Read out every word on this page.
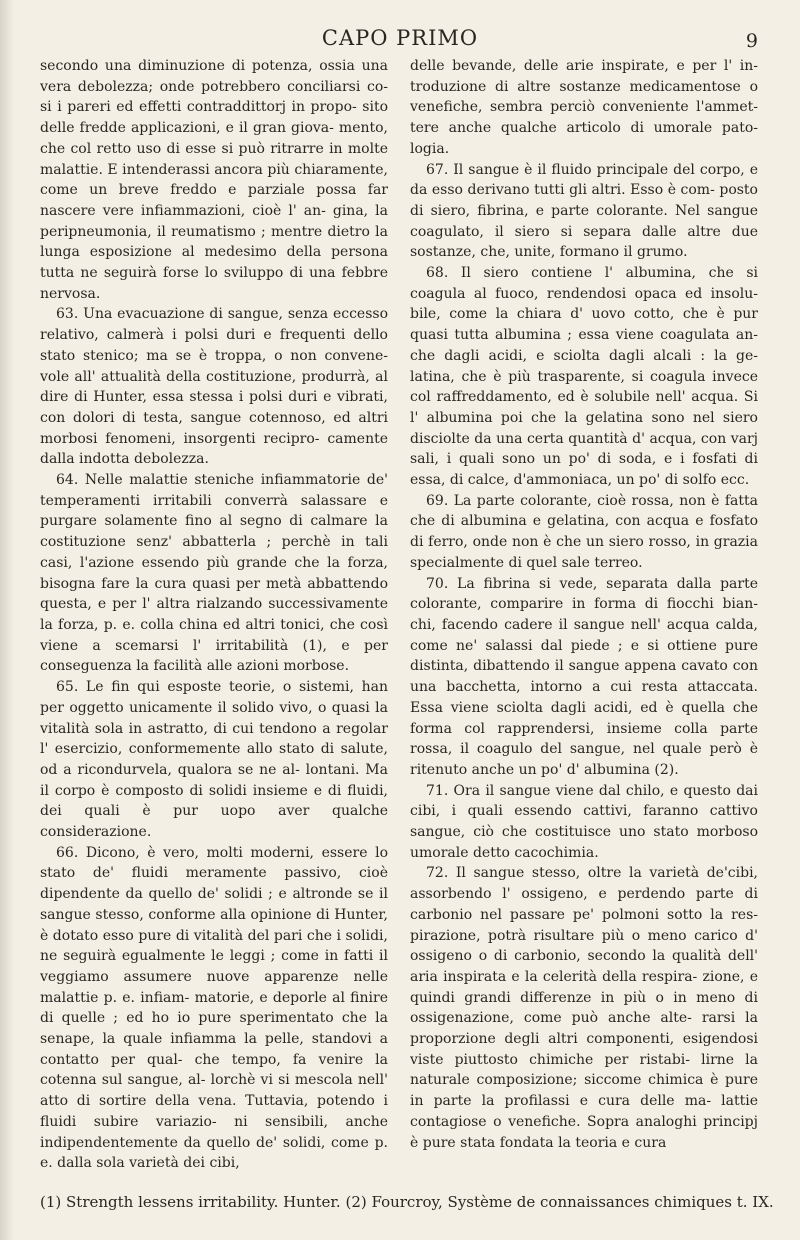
CAPO PRIMO	9

secondo una diminuzione di potenza, ossia una vera debolezza; onde potrebbero conciliarsi co- si i pareri ed effetti contraddittorj in propo- sito delle fredde applicazioni, e il gran giova- mento, che col retto uso di esse si può ritrarre in molte malattie. E intenderassi ancora più chiaramente, come un breve freddo e parziale possa far nascere vere infiammazioni, cioè l' an- gina, la peripneumonia, il reumatismo ; mentre dietro la lunga esposizione al medesimo della persona tutta ne seguirà forse lo sviluppo di una febbre nervosa.

63. Una evacuazione di sangue, senza eccesso relativo, calmerà i polsi duri e frequenti dello stato stenico; ma se è troppa, o non convene- vole all' attualità della costituzione, produrrà, al dire di Hunter, essa stessa i polsi duri e vibrati, con dolori di testa, sangue cotennoso, ed altri morbosi fenomeni, insorgenti recipro- camente dalla indotta debolezza.

64. Nelle malattie steniche infiammatorie de' temperamenti irritabili converrà salassare e purgare solamente fino al segno di calmare la costituzione senz' abbatterla ; perchè in tali casi, l'azione essendo più grande che la forza, bisogna fare la cura quasi per metà abbattendo questa, e per l' altra rialzando successivamente la forza, p. e. colla china ed altri tonici, che così viene a scemarsi l' irritabilità (1), e per conseguenza la facilità alle azioni morbose.

65. Le fin qui esposte teorie, o sistemi, han per oggetto unicamente il solido vivo, o quasi la vitalità sola in astratto, di cui tendono a regolar l' esercizio, conformemente allo stato di salute, od a ricondurvela, qualora se ne al- lontani. Ma il corpo è composto di solidi insieme e di fluidi, dei quali è pur uopo aver qualche considerazione.

66. Dicono, è vero, molti moderni, essere lo stato de' fluidi meramente passivo, cioè dipendente da quello de' solidi ; e altronde se il sangue stesso, conforme alla opinione di Hunter, è dotato esso pure di vitalità del pari che i solidi, ne seguirà egualmente le leggi ; come in fatti il veggiamo assumere nuove apparenze nelle malattie p. e. infiam- matorie, e deporle al finire di quelle ; ed ho io pure sperimentato che la senape, la quale infiamma la pelle, standovi a contatto per qual- che tempo, fa venire la cotenna sul sangue, al- lorchè vi si mescola nell' atto di sortire della vena. Tuttavia, potendo i fluidi subire variazio- ni sensibili, anche indipendentemente da quello de' solidi, come p. e. dalla sola varietà dei cibi,

delle bevande, delle arie inspirate, e per l' in- troduzione di altre sostanze medicamentose o venefiche, sembra perciò conveniente l'ammet- tere anche qualche articolo di umorale pato- logia.

67. Il sangue è il fluido principale del corpo, e da esso derivano tutti gli altri. Esso è com- posto di siero, fibrina, e parte colorante. Nel sangue coagulato, il siero si separa dalle altre due sostanze, che, unite, formano il grumo.

68. Il siero contiene l' albumina, che si coagula al fuoco, rendendosi opaca ed insolu- bile, come la chiara d' uovo cotto, che è pur quasi tutta albumina ; essa viene coagulata an- che dagli acidi, e sciolta dagli alcali : la ge- latina, che è più trasparente, si coagula invece col raffreddamento, ed è solubile nell' acqua. Si l' albumina poi che la gelatina sono nel siero disciolte da una certa quantità d' acqua, con varj sali, i quali sono un po' di soda, e i fosfati di essa, di calce, d'ammoniaca, un po' di solfo ecc.

69. La parte colorante, cioè rossa, non è fatta che di albumina e gelatina, con acqua e fosfato di ferro, onde non è che un siero rosso, in grazia specialmente di quel sale terreo.

70. La fibrina si vede, separata dalla parte colorante, comparire in forma di fiocchi bian- chi, facendo cadere il sangue nell' acqua calda, come ne' salassi dal piede ; e si ottiene pure distinta, dibattendo il sangue appena cavato con una bacchetta, intorno a cui resta attaccata. Essa viene sciolta dagli acidi, ed è quella che forma col rapprendersi, insieme colla parte rossa, il coagulo del sangue, nel quale però è ritenuto anche un po' d' albumina (2).

71. Ora il sangue viene dal chilo, e questo dai cibi, i quali essendo cattivi, faranno cattivo sangue, ciò che costituisce uno stato morboso umorale detto cacochimia.

72. Il sangue stesso, oltre la varietà de'cibi, assorbendo l' ossigeno, e perdendo parte di carbonio nel passare pe' polmoni sotto la res- pirazione, potrà risultare più o meno carico d' ossigeno o di carbonio, secondo la qualità dell' aria inspirata e la celerità della respira- zione, e quindi grandi differenze in più o in meno di ossigenazione, come può anche alte- rarsi la proporzione degli altri componenti, esigendosi viste piuttosto chimiche per ristabi- lirne la naturale composizione; siccome chimica è pure in parte la profilassi e cura delle ma- lattie contagiose o venefiche. Sopra analoghi principj è pure stata fondata la teoria e cura

(1) Strength lessens irritability. Hunter. (2) Fourcroy, Système de connaissances chimiques t. IX.
